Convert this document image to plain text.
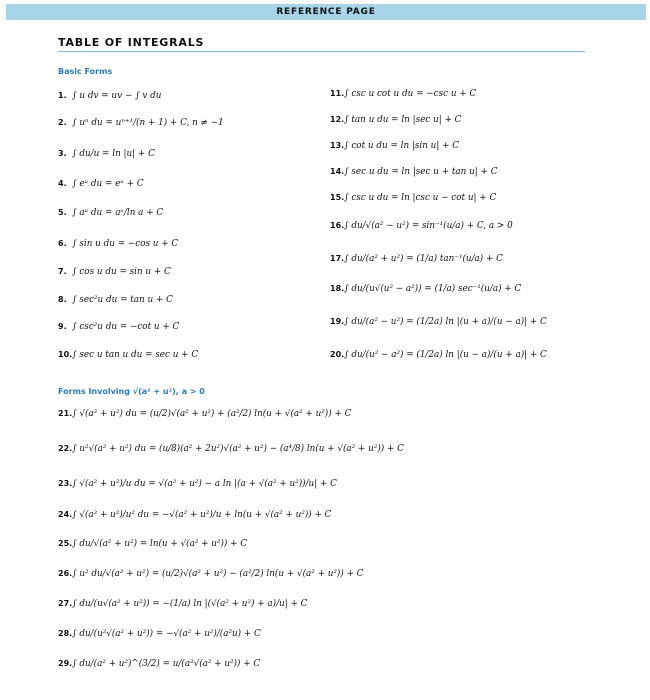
REFERENCE PAGE
TABLE OF INTEGRALS
Basic Forms
1. ∫ u dv = uv − ∫ v du
2. ∫ uⁿ du = uⁿ⁺¹/(n + 1) + C, n ≠ −1
3. ∫ du/u = ln |u| + C
4. ∫ eᵘ du = eᵘ + C
5. ∫ aᵘ du = aᵘ/ln a + C
6. ∫ sin u du = −cos u + C
7. ∫ cos u du = sin u + C
8. ∫ sec²u du = tan u + C
9. ∫ csc²u du = −cot u + C
10.∫ sec u tan u du = sec u + C
11.∫ csc u cot u du = −csc u + C
12.∫ tan u du = ln |sec u| + C
13.∫ cot u du = ln |sin u| + C
14.∫ sec u du = ln |sec u + tan u| + C
15.∫ csc u du = ln |csc u − cot u| + C
16.∫ du/√(a² − u²) = sin⁻¹(u/a) + C, a > 0
17.∫ du/(a² + u²) = (1/a) tan⁻¹(u/a) + C
18.∫ du/(u√(u² − a²)) = (1/a) sec⁻¹(u/a) + C
19.∫ du/(a² − u²) = (1/2a) ln |(u + a)/(u − a)| + C
20.∫ du/(u² − a²) = (1/2a) ln |(u − a)/(u + a)| + C
Forms Involving √(a² + u²), a > 0
21.∫ √(a² + u²) du = (u/2)√(a² + u²) + (a²/2) ln(u + √(a² + u²)) + C
22.∫ u²√(a² + u²) du = (u/8)(a² + 2u²)√(a² + u²) − (a⁴/8) ln(u + √(a² + u²)) + C
23.∫ √(a² + u²)/u du = √(a² + u²) − a ln |(a + √(a² + u²))/u| + C
24.∫ √(a² + u²)/u² du = −√(a² + u²)/u + ln(u + √(a² + u²)) + C
25.∫ du/√(a² + u²) = ln(u + √(a² + u²)) + C
26.∫ u² du/√(a² + u²) = (u/2)√(a² + u²) − (a²/2) ln(u + √(a² + u²)) + C
27.∫ du/(u√(a² + u²)) = −(1/a) ln |(√(a² + u²) + a)/u| + C
28.∫ du/(u²√(a² + u²)) = −√(a² + u²)/(a²u) + C
29.∫ du/(a² + u²)^(3/2) = u/(a²√(a² + u²)) + C
